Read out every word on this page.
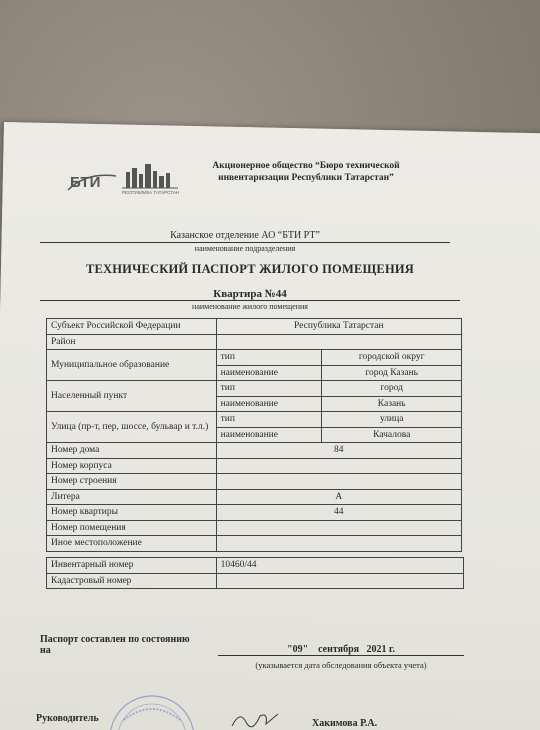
БТИ
РЕСПУБЛИКА ТАТАРСТАН
Акционерное общество “Бюро технической
инвентаризации Республики Татарстан”
Казанское отделение АО “БТИ РТ”
наименование подразделения
ТЕХНИЧЕСКИЙ ПАСПОРТ ЖИЛОГО ПОМЕЩЕНИЯ
Квартира №44
наименование жилого помещения
Субъект Российской Федерации	Республика Татарстан	
Район		
Муниципальное образование	тип	городской округ
	наименование	город Казань
Населенный пункт	тип	город
	наименование	Казань
Улица (пр-т, пер, шоссе, бульвар и т.л.)	тип	улица
	наименование	Качалова
Номер дома	84	
Номер корпуса		
Номер строения		
Литера	А	
Номер квартиры	44	
Номер помещения		
Иное местоположение		
Инвентарный номер	10460/44
Кадастровый номер	
Паспорт составлен по состоянию
на	"09"    сентября   2021 г.
(указывается дата обследования объекта учета)
Руководитель	Хакимова Р.А.
